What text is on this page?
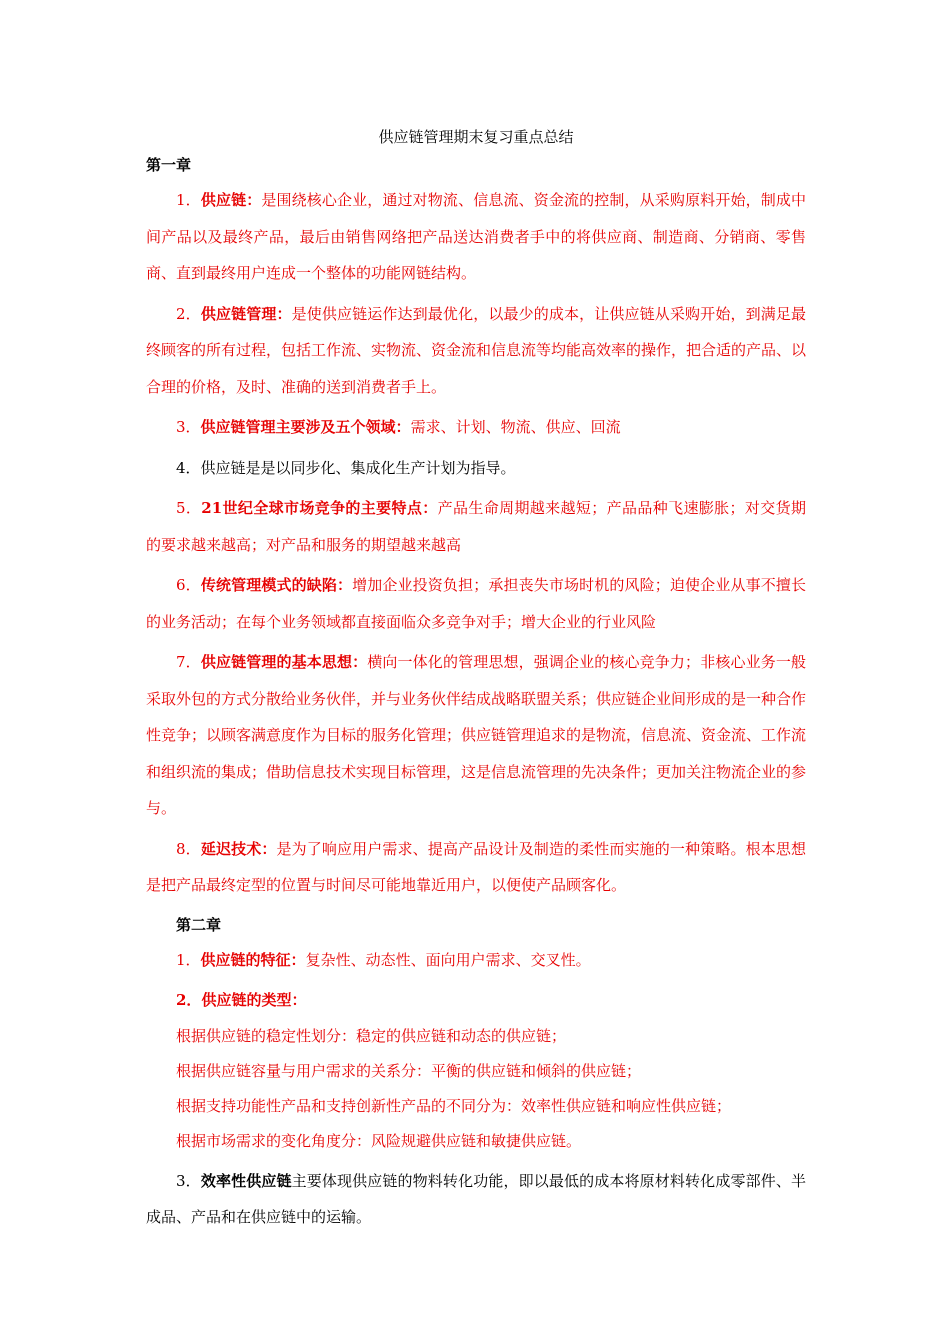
供应链管理期末复习重点总结
第一章

1．供应链：是围绕核心企业，通过对物流、信息流、资金流的控制，从采购原料开始，制成中间产品以及最终产品，最后由销售网络把产品送达消费者手中的将供应商、制造商、分销商、零售商、直到最终用户连成一个整体的功能网链结构。

2．供应链管理：是使供应链运作达到最优化，以最少的成本，让供应链从采购开始，到满足最终顾客的所有过程，包括工作流、实物流、资金流和信息流等均能高效率的操作，把合适的产品、以合理的价格，及时、准确的送到消费者手上。

3．供应链管理主要涉及五个领域：需求、计划、物流、供应、回流

4．供应链是是以同步化、集成化生产计划为指导。

5．21世纪全球市场竞争的主要特点：产品生命周期越来越短；产品品种飞速膨胀；对交货期的要求越来越高；对产品和服务的期望越来越高

6．传统管理模式的缺陷：增加企业投资负担；承担丧失市场时机的风险；迫使企业从事不擅长的业务活动；在每个业务领域都直接面临众多竞争对手；增大企业的行业风险

7．供应链管理的基本思想：横向一体化的管理思想，强调企业的核心竞争力；非核心业务一般采取外包的方式分散给业务伙伴，并与业务伙伴结成战略联盟关系；供应链企业间形成的是一种合作性竞争；以顾客满意度作为目标的服务化管理；供应链管理追求的是物流，信息流、资金流、工作流和组织流的集成；借助信息技术实现目标管理，这是信息流管理的先决条件；更加关注物流企业的参与。

8．延迟技术：是为了响应用户需求、提高产品设计及制造的柔性而实施的一种策略。根本思想是把产品最终定型的位置与时间尽可能地靠近用户，以便使产品顾客化。

第二章

1．供应链的特征：复杂性、动态性、面向用户需求、交叉性。

2．供应链的类型：

根据供应链的稳定性划分：稳定的供应链和动态的供应链；

根据供应链容量与用户需求的关系分：平衡的供应链和倾斜的供应链；

根据支持功能性产品和支持创新性产品的不同分为：效率性供应链和响应性供应链；

根据市场需求的变化角度分：风险规避供应链和敏捷供应链。

3．效率性供应链主要体现供应链的物料转化功能，即以最低的成本将原材料转化成零部件、半成品、产品和在供应链中的运输。
